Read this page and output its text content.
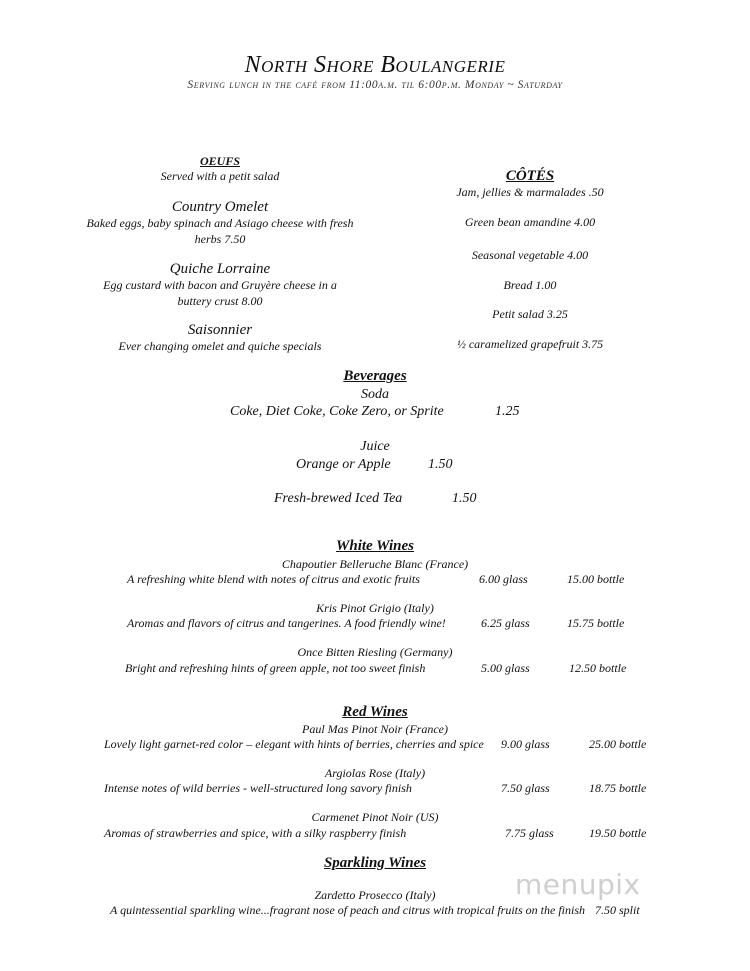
North Shore Boulangerie
Serving lunch in the café from 11:00a.m. til 6:00p.m. Monday ~ Saturday
OEUFS
Served with a petit salad
Country Omelet
Baked eggs, baby spinach and Asiago cheese with fresh herbs 7.50
Quiche Lorraine
Egg custard with bacon and Gruyère cheese in a buttery crust 8.00
Saisonnier
Ever changing omelet and quiche specials
CÔTÉS
Jam, jellies & marmalades .50
Green bean amandine 4.00
Seasonal vegetable 4.00
Bread 1.00
Petit salad 3.25
½ caramelized grapefruit 3.75
Beverages
Soda
Coke, Diet Coke, Coke Zero, or Sprite	1.25
Juice
Orange or Apple	1.50
Fresh-brewed Iced Tea	1.50
White Wines
Chapoutier Belleruche Blanc (France)
A refreshing white blend with notes of citrus and exotic fruits	6.00 glass	15.00 bottle
Kris Pinot Grigio (Italy)
Aromas and flavors of citrus and tangerines. A food friendly wine!	6.25 glass	15.75 bottle
Once Bitten Riesling (Germany)
Bright and refreshing hints of green apple, not too sweet finish	5.00 glass	12.50 bottle
Red Wines
Paul Mas Pinot Noir (France)
Lovely light garnet-red color – elegant with hints of berries, cherries and spice 9.00 glass	25.00 bottle
Argiolas Rose (Italy)
Intense notes of wild berries - well-structured long savory finish	7.50 glass	18.75 bottle
Carmenet Pinot Noir (US)
Aromas of strawberries and spice, with a silky raspberry finish	7.75 glass	19.50 bottle
Sparkling Wines
Zardetto Prosecco (Italy)
A quintessential sparkling wine...fragrant nose of peach and citrus with tropical fruits on the finish 7.50 split
menupix
